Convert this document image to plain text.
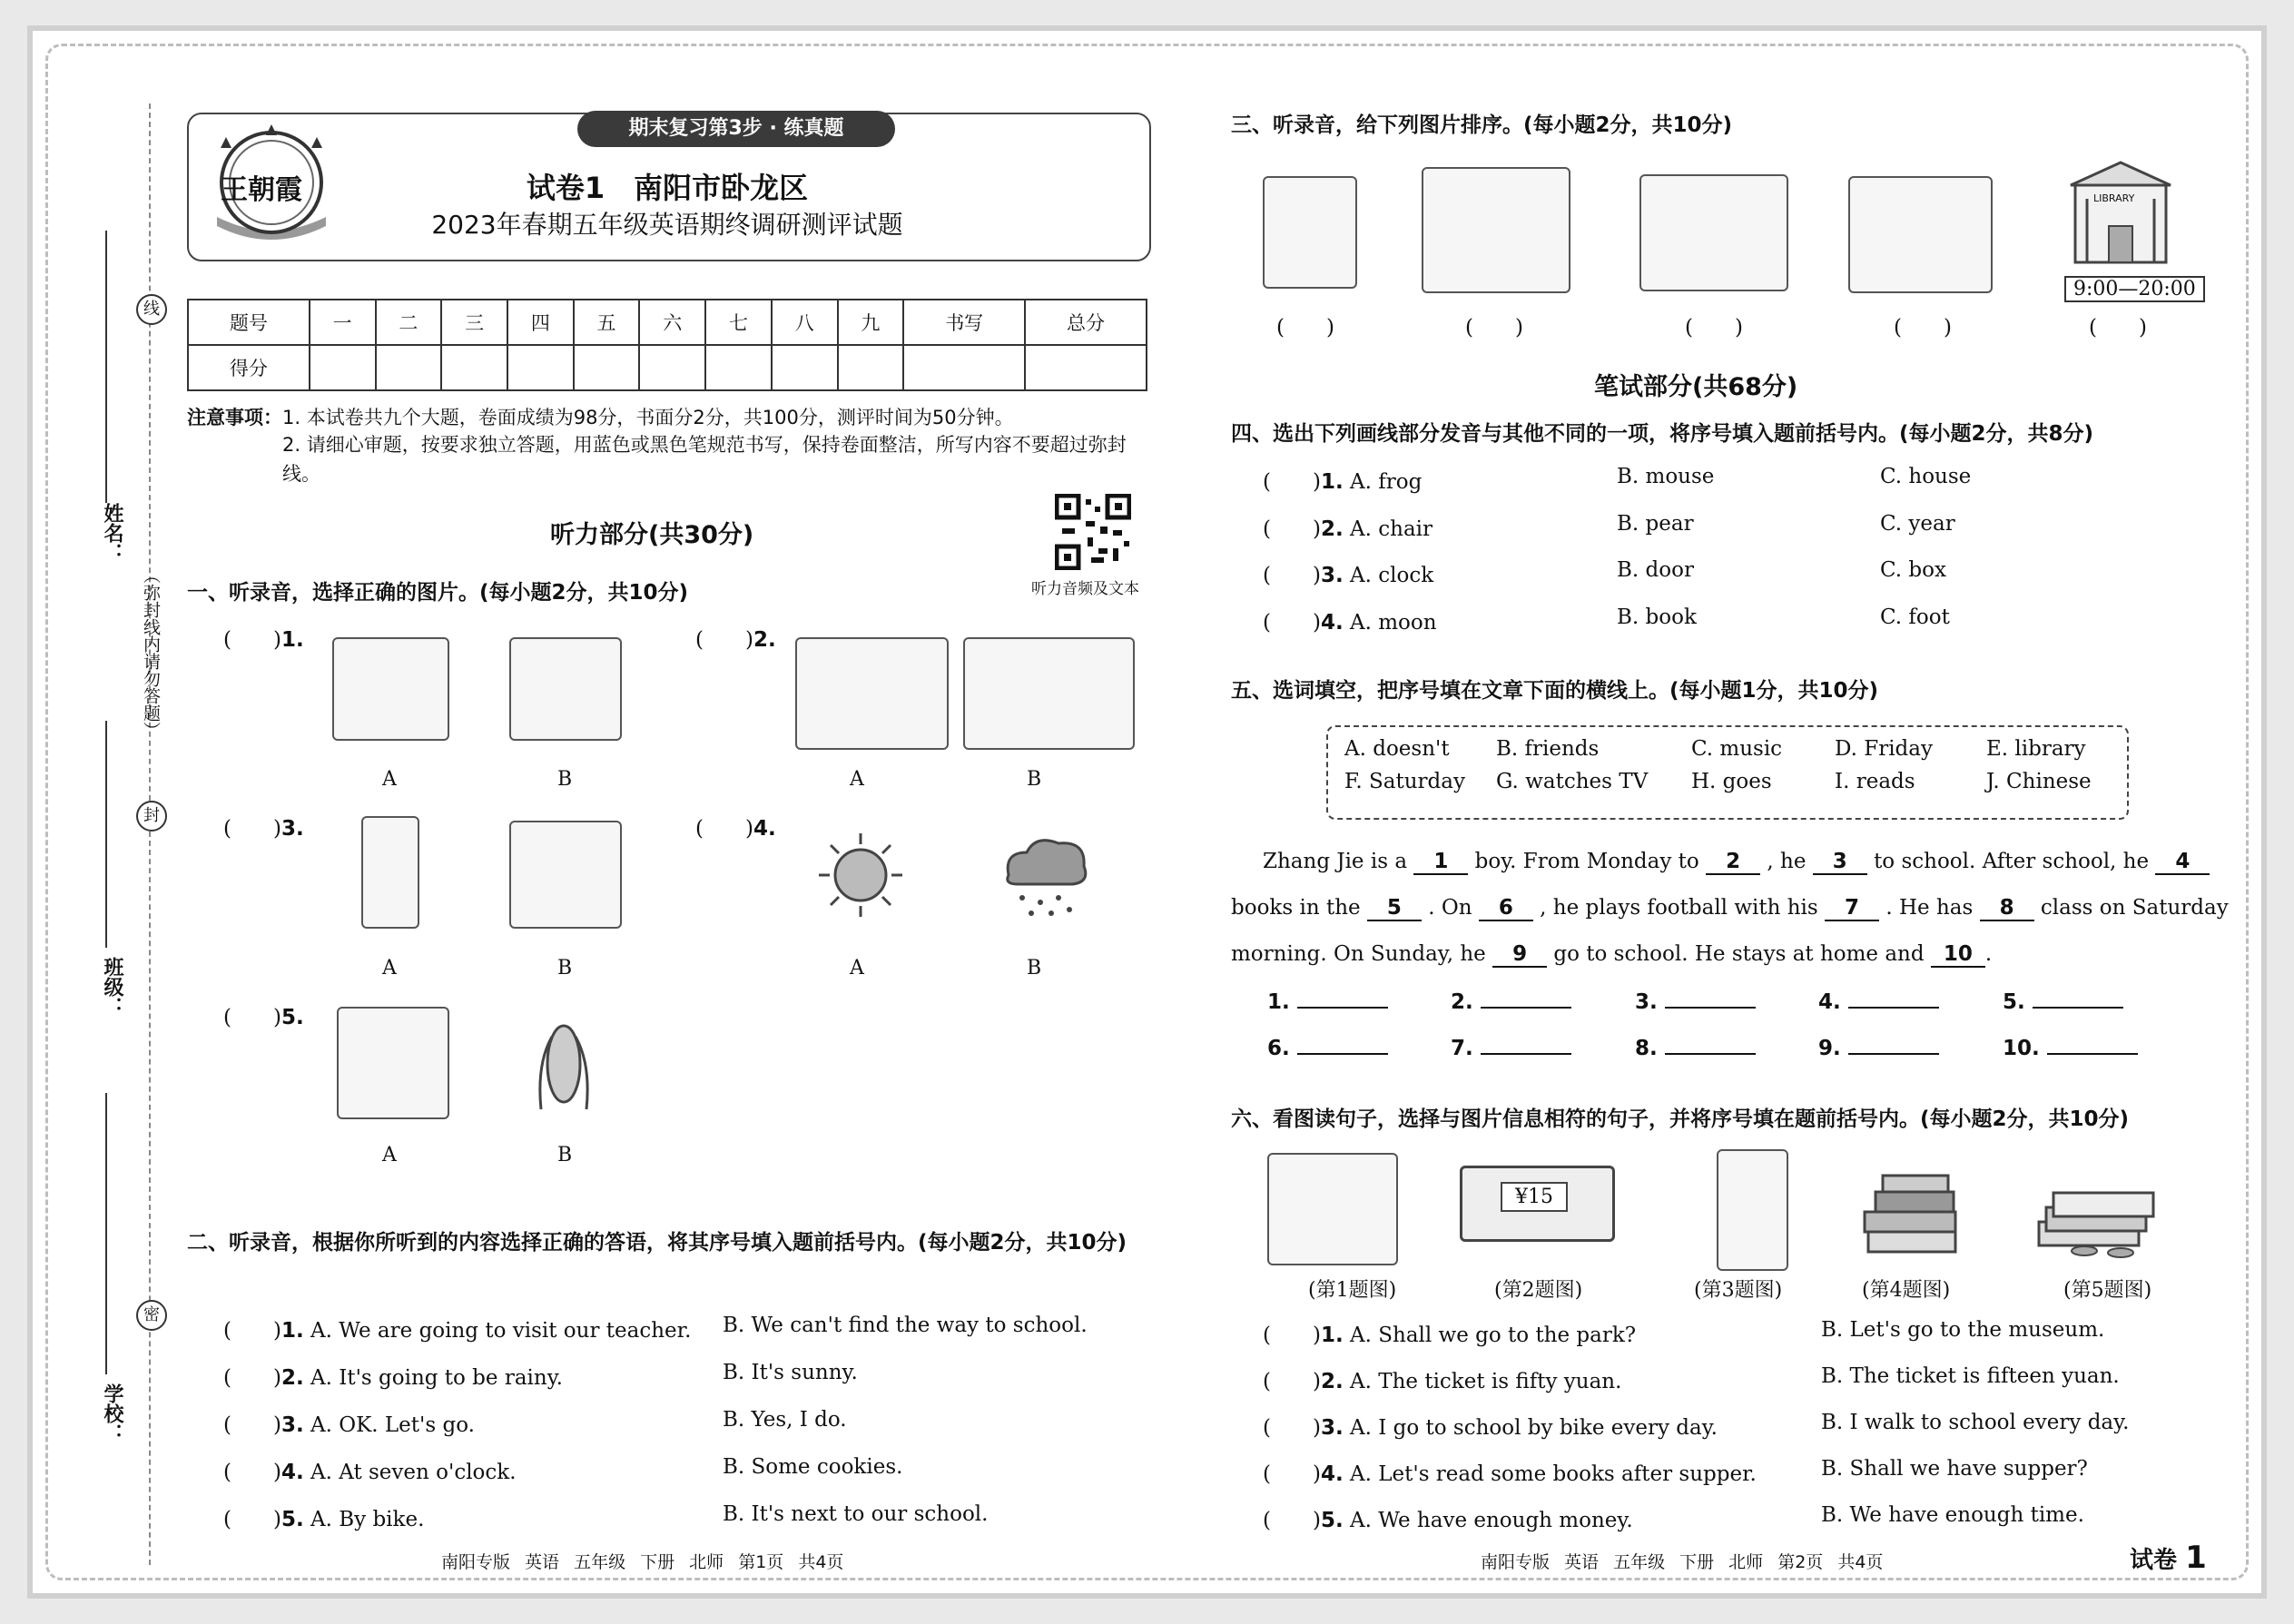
线
封
密
（弥封线内请勿答题）
姓名：
班级：
学校：
王朝霞
期末复习第3步 · 练真题
试卷1　南阳市卧龙区
2023年春期五年级英语期终调研测评试题
题号	一	二	三	四	五	六	七	八	九	书写	总分
得分											
注意事项：1. 本试卷共九个大题，卷面成绩为98分，书面分2分，共100分，测评时间为50分钟。
2. 请细心审题，按要求独立答题，用蓝色或黑色笔规范书写，保持卷面整洁，所写内容不要超过弥封线。
听力部分(共30分)
听力音频及文本
一、听录音，选择正确的图片。(每小题2分，共10分)
(　　)1.
A	B
(　　)2.
A	B
(　　)3.
A	B
(　　)4.
A	B
(　　)5.
A	B
二、听录音，根据你所听到的内容选择正确的答语，将其序号填入题前括号内。(每小题2分，共10分)
(　　)1. A. We are going to visit our teacher. B. We can't find the way to school.
(　　)2. A. It's going to be rainy.	B. It's sunny.
(　　)3. A. OK. Let's go.	B. Yes, I do.
(　　)4. A. At seven o'clock.	B. Some cookies.
(　　)5. A. By bike.	B. It's next to our school.
南阳专版 英语 五年级 下册 北师 第1页 共4页
三、听录音，给下列图片排序。(每小题2分，共10分)
LIBRARY
9:00—20:00
(　　)	(　　)	(　　)	(　　)	(　　)
笔试部分(共68分)
四、选出下列画线部分发音与其他不同的一项，将序号填入题前括号内。(每小题2分，共8分)
(　　)1. A. frog	B. mouse	C. house
(　　)2. A. chair	B. pear	C. year
(　　)3. A. clock	B. door	C. box
(　　)4. A. moon	B. book	C. foot
五、选词填空，把序号填在文章下面的横线上。(每小题1分，共10分)
A. doesn't B. friends	C. music	D. Friday	E. library
F. Saturday G. watches TV H. goes	I. reads	J. Chinese
Zhang Jie is a 1 boy. From Monday to 2 , he 3 to school. After school, he 4
books in the 5 . On 6 , he plays football with his 7 . He has 8 class on Saturday
morning. On Sunday, he 9 go to school. He stays at home and 10 .
1.	2.	3.	4.	5.
6.	7.	8.	9.	10.
六、看图读句子，选择与图片信息相符的句子，并将序号填在题前括号内。(每小题2分，共10分)
¥15
(第1题图)	(第2题图)	(第3题图)	(第4题图)	(第5题图)
(　　)1. A. Shall we go to the park?	B. Let's go to the museum.
(　　)2. A. The ticket is fifty yuan.	B. The ticket is fifteen yuan.
(　　)3. A. I go to school by bike every day.	B. I walk to school every day.
(　　)4. A. Let's read some books after supper.	B. Shall we have supper?
(　　)5. A. We have enough money.	B. We have enough time.
南阳专版 英语 五年级 下册 北师 第2页 共4页	试卷 1
